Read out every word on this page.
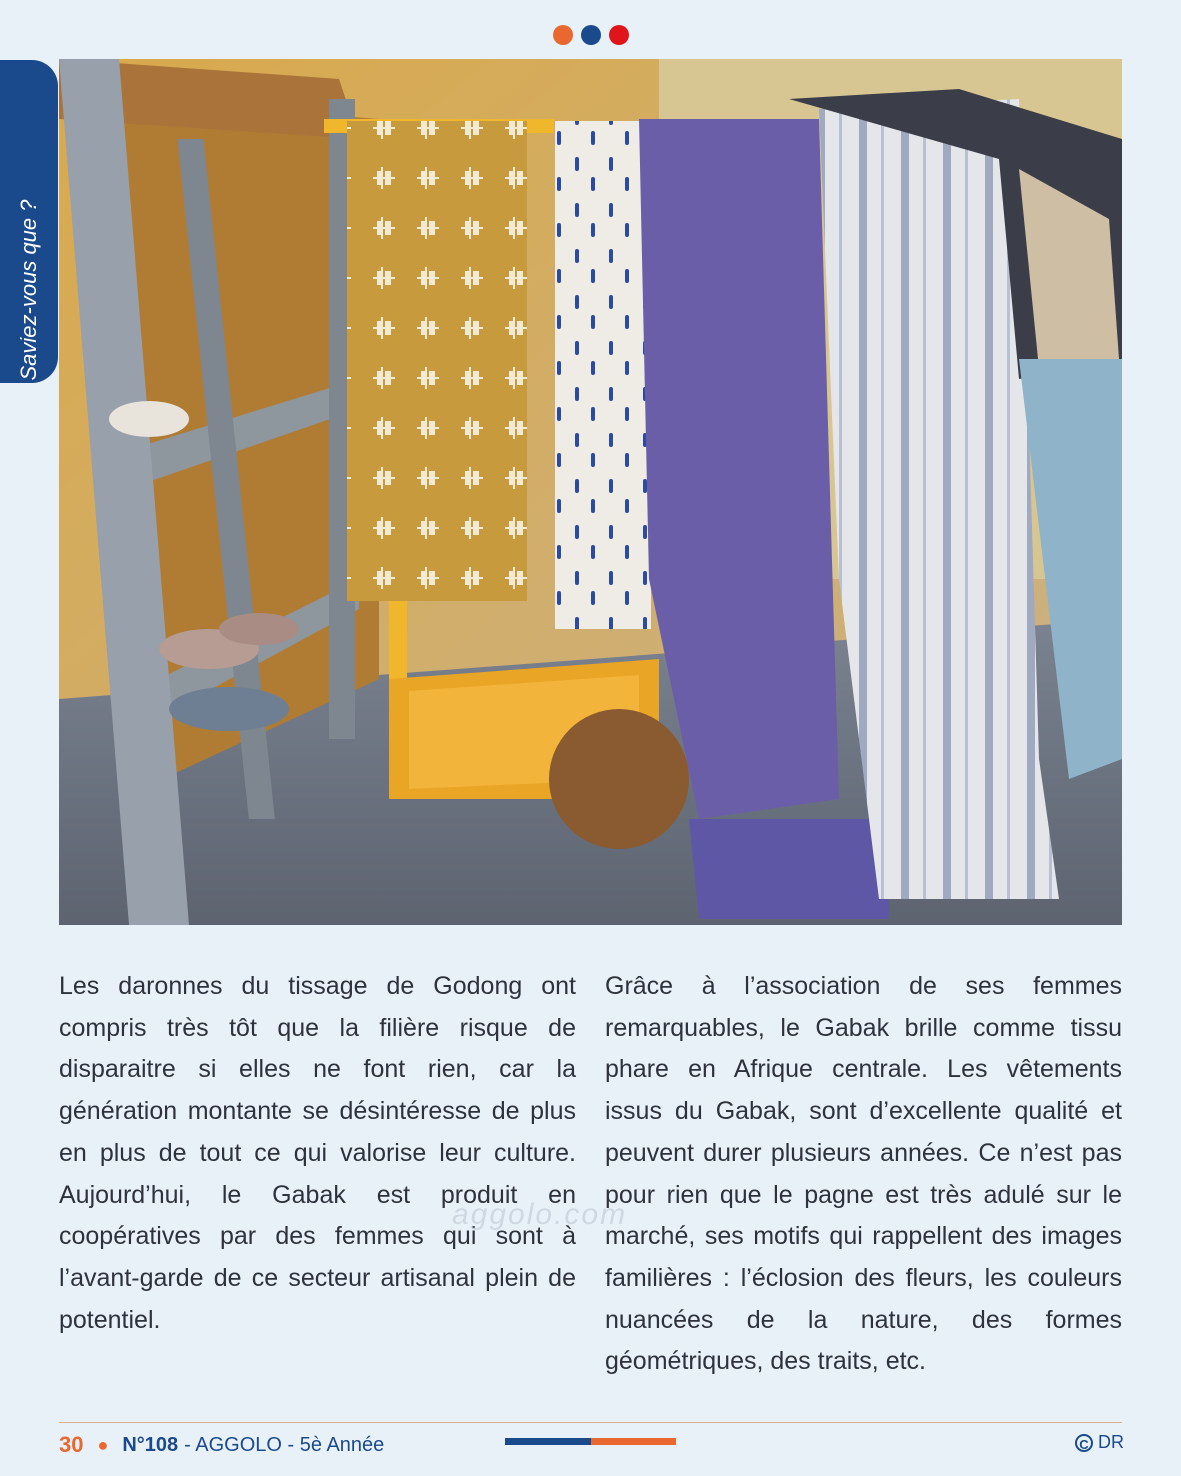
Saviez-vous que ?
Les daronnes du tissage de Godong ont compris très tôt que la filière risque de disparaitre si elles ne font rien, car la génération montante se désintéresse de plus en plus de tout ce qui valorise leur culture. Aujourd’hui, le Gabak est produit en coopératives par des femmes qui sont à l’avant-garde de ce secteur artisanal plein de potentiel.
Grâce à l’association de ses femmes remarquables, le Gabak brille comme tissu phare en Afrique centrale. Les vêtements issus du Gabak, sont d’excellente qualité et peuvent durer plusieurs années. Ce n’est pas pour rien que le pagne est très adulé sur le marché, ses motifs qui rappellent des images familières : l’éclosion des fleurs, les couleurs nuancées de la nature, des formes géométriques, des traits, etc.
aggolo.com
30 ● N°108 - AGGOLO - 5è Année	C DR
